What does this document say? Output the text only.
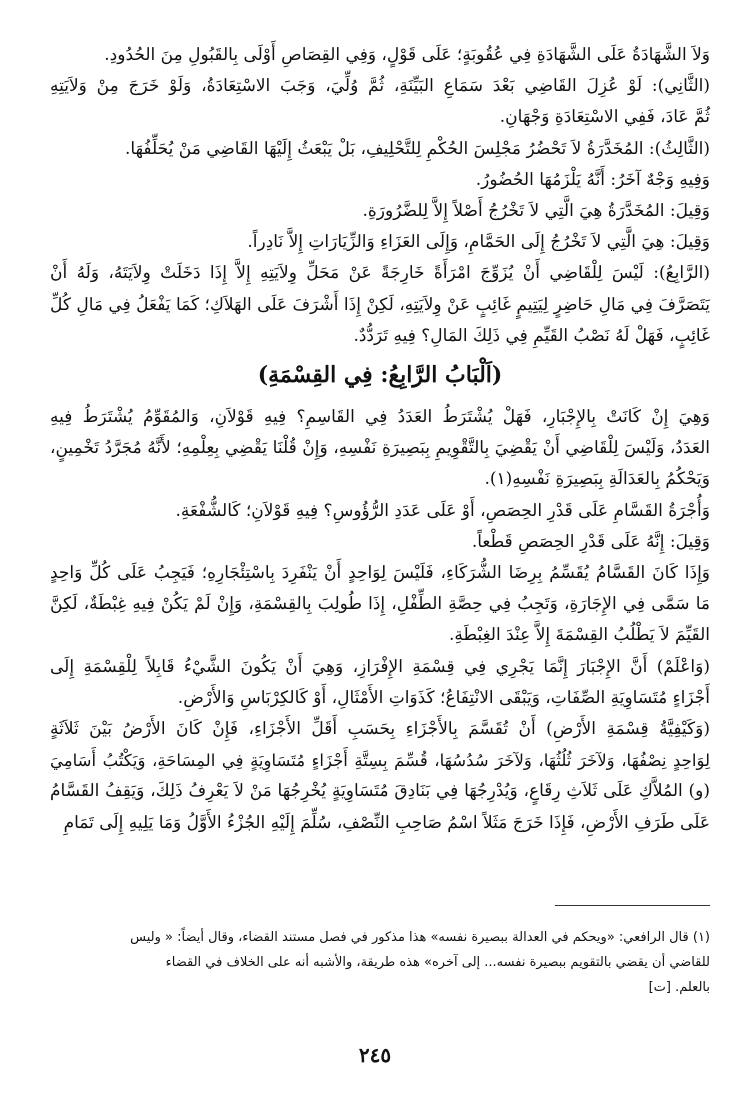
وَلاَ الشَّهَادَةُ عَلَى الشَّهَادَةِ فِي عُقُوبَةٍ؛ عَلَى قَوْلٍ، وَفِي القِصَاصِ أَوْلَى بِالقَبُولِ مِنَ الحُدُودِ.
(الثَّانِي): لَوْ عُزِلَ القَاضِي بَعْدَ سَمَاعِ البَيِّنَةِ، ثُمَّ وُلِّيَ، وَجَبَ الاسْتِعَادَةُ، وَلَوْ خَرَجَ مِنْ وَلاَيَتِهِ
ثُمَّ عَادَ، فَفِي الاسْتِعَادَةِ وَجْهَانِ.
(الثَّالِثُ): المُخَدَّرَةُ لاَ تَحْضُرُ مَجْلِسَ الحُكْمِ لِلتَّحْلِيفِ، بَلْ يَبْعَثُ إِلَيْهَا القَاضِي مَنْ يُحَلِّفُهَا.
وَفِيهِ وَجْهٌ آخَرُ: أَنَّهُ يَلْزَمُهَا الحُضُورُ.
وَقِيلَ: المُخَدَّرَةُ هِيَ الَّتِي لاَ تَخْرُجُ أَصْلاً إِلاَّ لِلضَّرُورَةِ.
وَقِيلَ: هِيَ الَّتِي لاَ تَخْرُجُ إِلَى الحَمَّامِ، وَإِلَى العَزَاءِ وَالزِّيَارَاتِ إِلاَّ نَادِراً.
(الرَّابِعُ): لَيْسَ لِلْقَاضِي أَنْ يُزَوِّجَ امْرَأَةً خَارِجَةً عَنْ مَحَلِّ وِلاَيَتِهِ إِلاَّ إِذَا دَخَلَتْ وِلاَيَتَهُ، وَلَهُ أَنْ
يَتَصَرَّفَ فِي مَالِ حَاضِرٍ لِيَتِيمٍ غَائِبٍ عَنْ وِلاَيَتِهِ، لَكِنْ إِذَا أَشْرَفَ عَلَى الهَلاَكِ؛ كَمَا يَفْعَلُ فِي مَالِ كُلِّ
غَائِبٍ، فَهَلْ لَهُ نَصْبُ القَيِّمِ فِي ذَلِكَ المَالِ؟ فِيهِ تَرَدُّدٌ.
(اَلْبَابُ الرَّابِعُ: فِي القِسْمَةِ)
وَهِيَ إِنْ كَانَتْ بِالإِجْبَارِ، فَهَلْ يُشْتَرَطُ العَدَدُ فِي القَاسِمِ؟ فِيهِ قَوْلاَنِ، وَالمُقَوِّمُ يُشْتَرَطُ فِيهِ
العَدَدُ، وَلَيْسَ لِلْقَاضِي أَنْ يَقْضِيَ بِالتَّقْوِيمِ بِبَصِيرَةِ نَفْسِهِ، وَإِنْ قُلْنَا يَقْضِي بِعِلْمِهِ؛ لأَنَّهُ مُجَرَّدُ تَخْمِينٍ،
وَيَحْكُمُ بِالعَدَالَةِ بِبَصِيرَةِ نَفْسِهِ(١).
وَأُجْرَةُ القَسَّامِ عَلَى قَدْرِ الحِصَصِ، أَوْ عَلَى عَدَدِ الرُّؤُوسِ؟ فِيهِ قَوْلاَنِ؛ كَالشُّفْعَةِ.
وَقِيلَ: إِنَّهُ عَلَى قَدْرِ الحِصَصِ قَطْعاً.
وَإِذَا كَانَ القَسَّامُ يُقَسِّمُ بِرِضَا الشُّرَكَاءِ، فَلَيْسَ لِوَاحِدٍ أَنْ يَنْفَرِدَ بِاسْتِئْجَارِهِ؛ فَيَجِبُ عَلَى كُلِّ وَاحِدٍ
مَا سَمَّى فِي الإِجَارَةِ، وَتَجِبُ فِي حِصَّةِ الطِّفْلِ، إِذَا طُولِبَ بِالقِسْمَةِ، وَإِنْ لَمْ يَكُنْ فِيهِ غِبْطَةٌ، لَكِنَّ
القَيِّمَ لاَ يَطْلُبُ القِسْمَةَ إِلاَّ عِنْدَ الغِبْطَةِ.
(وَاعْلَمْ) أَنَّ الإِجْبَارَ إِنَّمَا يَجْرِي فِي قِسْمَةِ الإِفْرَازِ، وَهِيَ أَنْ يَكُونَ الشَّيْءُ قَابِلاً لِلْقِسْمَةِ إِلَى
أَجْزَاءٍ مُتَسَاوِيَةِ الصِّفَاتِ، وَيَبْقَى الانْتِفَاعُ؛ كَذَوَاتِ الأَمْثَالِ، أَوْ كَالكِرْبَاسِ وَالأَرْضِ.
(وَكَيْفِيَّةُ قِسْمَةِ الأَرْضِ) أَنْ تُقَسَّمَ بِالأَجْزَاءِ بِحَسَبِ أَقَلِّ الأَجْزَاءِ، فَإِنْ كَانَ الأَرْضُ بَيْنَ ثَلاَثَةٍ
لِوَاحِدٍ نِصْفُهَا، وَلآخَرَ ثُلُثُهَا، وَلآخَرَ سُدُسُهَا، قُسِّمَ بِسِتَّةِ أَجْزَاءٍ مُتَسَاوِيَةٍ فِي المِسَاحَةِ، وَيَكْتُبُ أَسَامِيَ
(و) المُلاَّكِ عَلَى ثَلاَثِ رِقَاعٍ، وَيُدْرِجُهَا فِي بَنَادِقَ مُتَسَاوِيَةٍ يُخْرِجُهَا مَنْ لاَ يَعْرِفُ ذَلِكَ، وَيَقِفُ القَسَّامُ
عَلَى طَرَفِ الأَرْضِ، فَإِذَا خَرَجَ مَثَلاً اسْمُ صَاحِبِ النِّصْفِ، سُلِّمَ إِلَيْهِ الجُزْءُ الأَوَّلُ وَمَا يَلِيهِ إِلَى تَمَامِ
(١) قال الرافعي: «ويحكم في العدالة ببصيرة نفسه» هذا مذكور في فصل مستند القضاء، وقال أيضاً: « وليس
للقاضي أن يقضي بالتقويم ببصيرة نفسه... إلى آخره» هذه طريقة، والأشبه أنه على الخلاف في القضاء
بالعلم. [ت]
٢٤٥
